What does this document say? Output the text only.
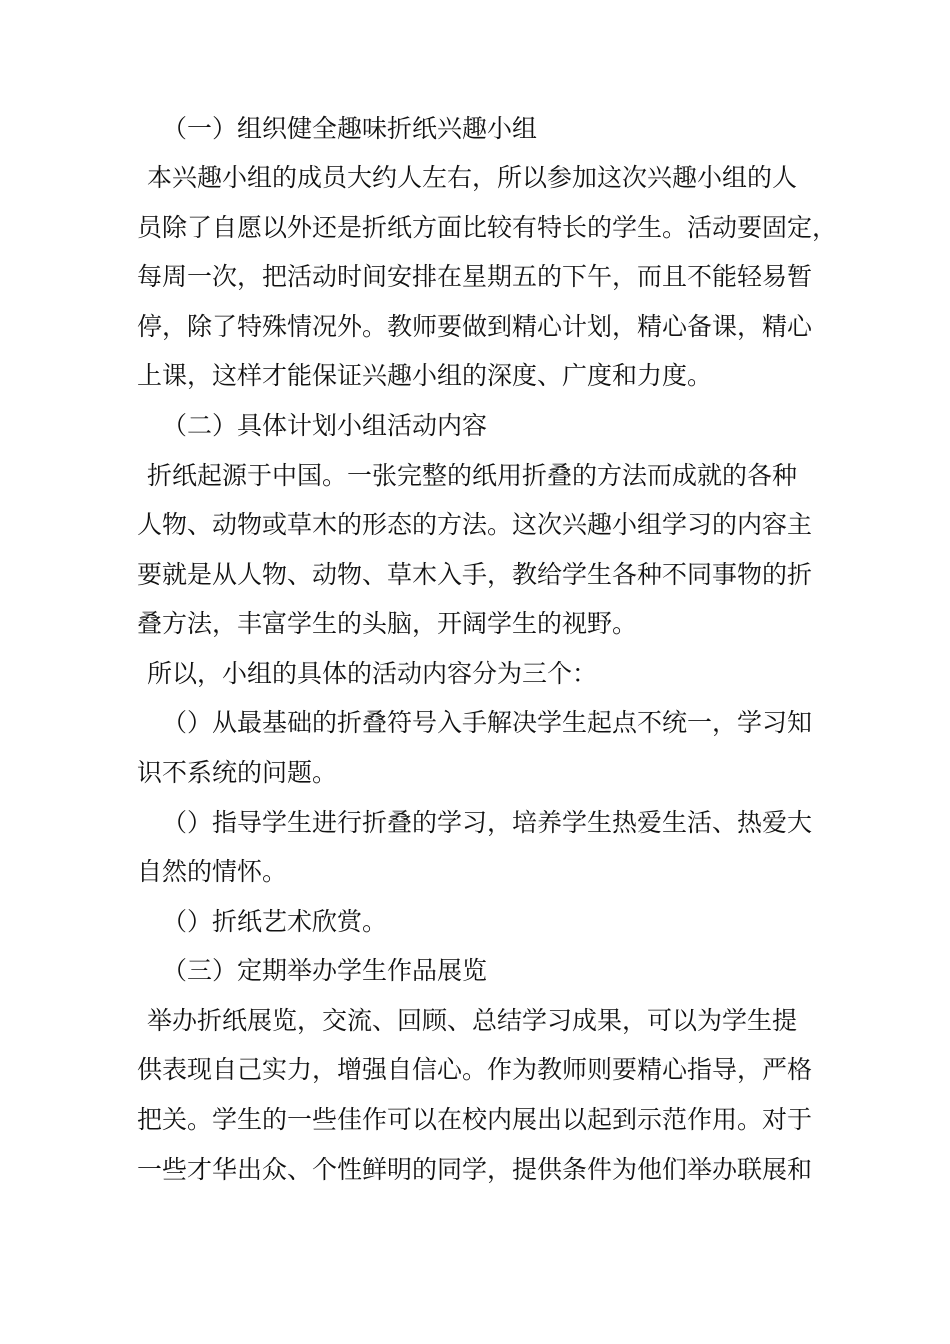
（一）组织健全趣味折纸兴趣小组
本兴趣小组的成员大约人左右，所以参加这次兴趣小组的人
员除了自愿以外还是折纸方面比较有特长的学生。活动要固定，
每周一次，把活动时间安排在星期五的下午，而且不能轻易暂
停，除了特殊情况外。教师要做到精心计划，精心备课，精心
上课，这样才能保证兴趣小组的深度、广度和力度。
（二）具体计划小组活动内容
折纸起源于中国。一张完整的纸用折叠的方法而成就的各种
人物、动物或草木的形态的方法。这次兴趣小组学习的内容主
要就是从人物、动物、草木入手，教给学生各种不同事物的折
叠方法，丰富学生的头脑，开阔学生的视野。
所以，小组的具体的活动内容分为三个：
（）从最基础的折叠符号入手解决学生起点不统一，学习知
识不系统的问题。
（）指导学生进行折叠的学习，培养学生热爱生活、热爱大
自然的情怀。
（）折纸艺术欣赏。
（三）定期举办学生作品展览
举办折纸展览，交流、回顾、总结学习成果，可以为学生提
供表现自己实力，增强自信心。作为教师则要精心指导，严格
把关。学生的一些佳作可以在校内展出以起到示范作用。对于
一些才华出众、个性鲜明的同学，提供条件为他们举办联展和
